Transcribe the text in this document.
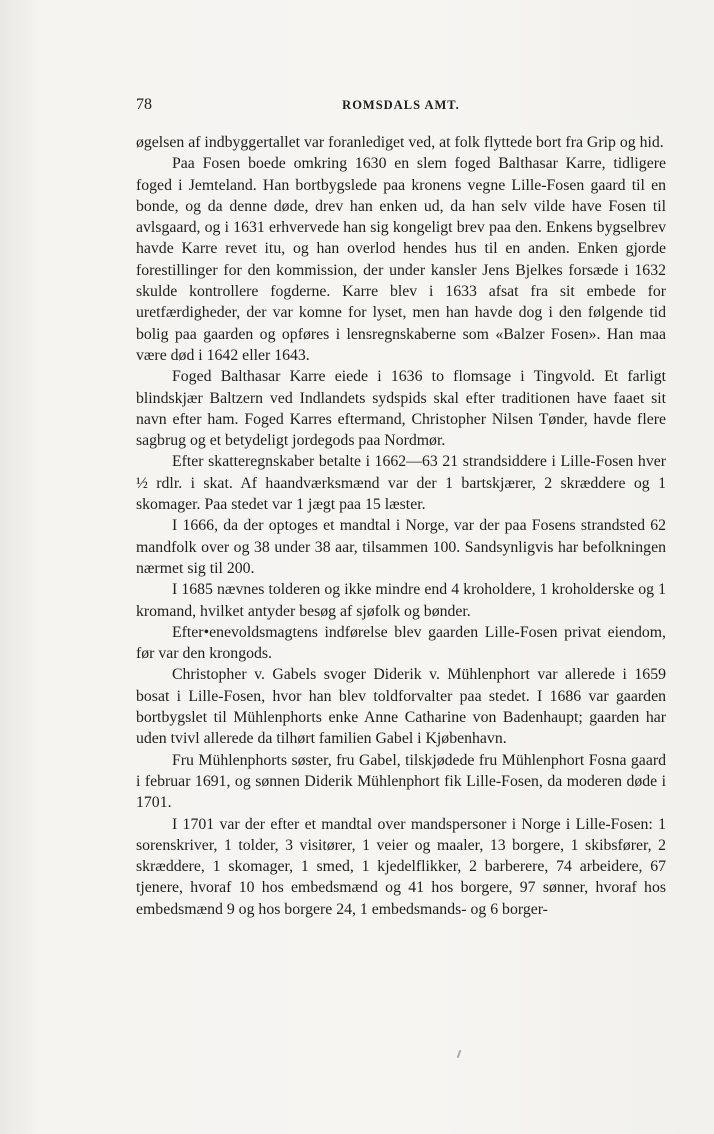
78	ROMSDALS AMT.

øgelsen af indbyggertallet var foranlediget ved, at folk flyttede bort fra Grip og hid.

Paa Fosen boede omkring 1630 en slem foged Balthasar Karre, tidligere foged i Jemteland. Han bortbygslede paa kronens vegne Lille-Fosen gaard til en bonde, og da denne døde, drev han enken ud, da han selv vilde have Fosen til avlsgaard, og i 1631 erhvervede han sig kongeligt brev paa den. Enkens bygselbrev havde Karre revet itu, og han overlod hendes hus til en anden. Enken gjorde forestillinger for den kommission, der under kansler Jens Bjelkes forsæde i 1632 skulde kontrollere fogderne. Karre blev i 1633 afsat fra sit embede for uretfærdigheder, der var komne for lyset, men han havde dog i den følgende tid bolig paa gaarden og opføres i lensregnskaberne som «Balzer Fosen». Han maa være død i 1642 eller 1643.

Foged Balthasar Karre eiede i 1636 to flomsage i Tingvold. Et farligt blindskjær Baltzern ved Indlandets sydspids skal efter traditionen have faaet sit navn efter ham. Foged Karres eftermand, Christopher Nilsen Tønder, havde flere sagbrug og et betydeligt jordegods paa Nordmør.

Efter skatteregnskaber betalte i 1662—63 21 strandsiddere i Lille-Fosen hver ½ rdlr. i skat. Af haandværksmænd var der 1 bartskjærer, 2 skræddere og 1 skomager. Paa stedet var 1 jægt paa 15 læster.

I 1666, da der optoges et mandtal i Norge, var der paa Fosens strandsted 62 mandfolk over og 38 under 38 aar, tilsammen 100. Sandsynligvis har befolkningen nærmet sig til 200.

I 1685 nævnes tolderen og ikke mindre end 4 kroholdere, 1 kroholderske og 1 kromand, hvilket antyder besøg af sjøfolk og bønder.

Efter•enevoldsmagtens indførelse blev gaarden Lille-Fosen privat eiendom, før var den krongods.

Christopher v. Gabels svoger Diderik v. Mühlenphort var allerede i 1659 bosat i Lille-Fosen, hvor han blev toldforvalter paa stedet. I 1686 var gaarden bortbygslet til Mühlenphorts enke Anne Catharine von Badenhaupt; gaarden har uden tvivl allerede da tilhørt familien Gabel i Kjøbenhavn.

Fru Mühlenphorts søster, fru Gabel, tilskjødede fru Mühlenphort Fosna gaard i februar 1691, og sønnen Diderik Mühlenphort fik Lille-Fosen, da moderen døde i 1701.

I 1701 var der efter et mandtal over mandspersoner i Norge i Lille-Fosen: 1 sorenskriver, 1 tolder, 3 visitører, 1 veier og maaler, 13 borgere, 1 skibsfører, 2 skræddere, 1 skomager, 1 smed, 1 kjedelflikker, 2 barberere, 74 arbeidere, 67 tjenere, hvoraf 10 hos embedsmænd og 41 hos borgere, 97 sønner, hvoraf hos embedsmænd 9 og hos borgere 24, 1 embedsmands- og 6 borger-
